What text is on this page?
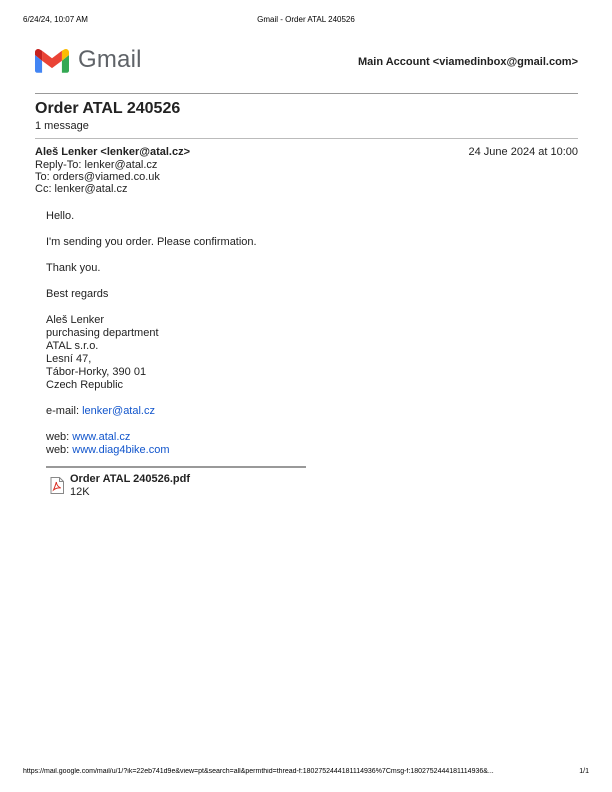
6/24/24, 10:07 AM	Gmail - Order ATAL 240526
Gmail	Main Account <viamedinbox@gmail.com>
Order ATAL 240526
1 message
Aleš Lenker <lenker@atal.cz>	24 June 2024 at 10:00
Reply-To: lenker@atal.cz
To: orders@viamed.co.uk
Cc: lenker@atal.cz
Hello.
I'm sending you order. Please confirmation.
Thank you.
Best regards
Aleš Lenker
purchasing department
ATAL s.r.o.
Lesní 47,
Tábor-Horky, 390 01
Czech Republic
e-mail: lenker@atal.cz
web: www.atal.cz
web: www.diag4bike.com
Order ATAL 240526.pdf
12K
https://mail.google.com/mail/u/1/?ik=22eb741d9e&view=pt&search=all&permthid=thread-f:1802752444181114936%7Cmsg-f:1802752444181114936&...	1/1
